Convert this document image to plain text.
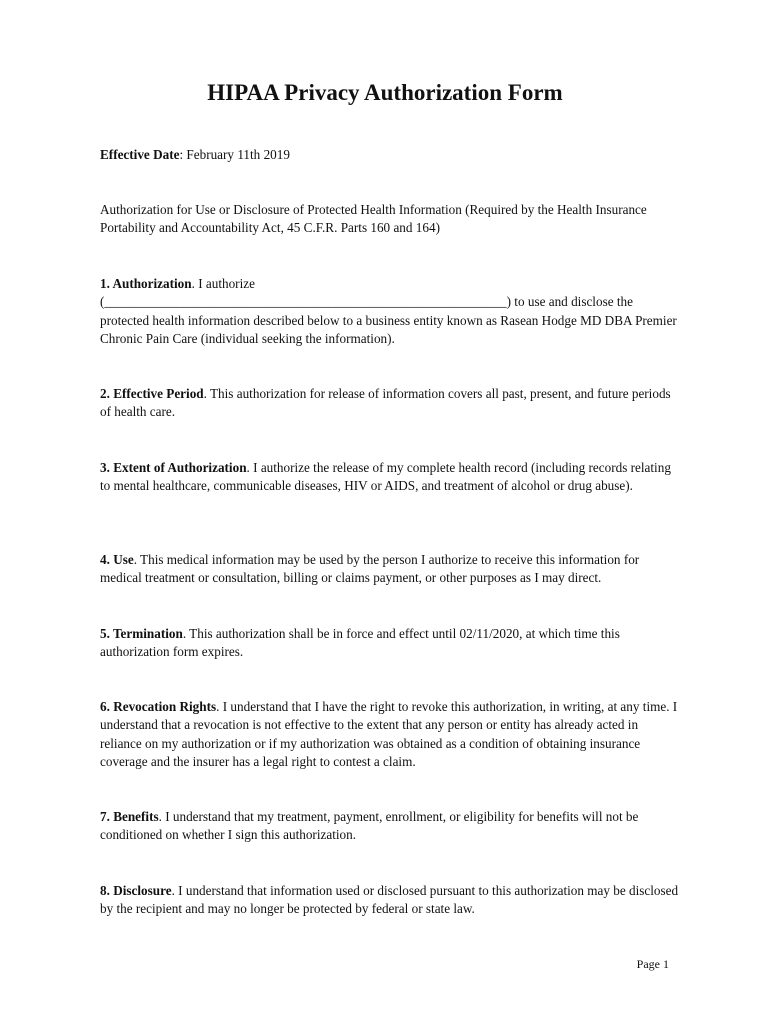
HIPAA Privacy Authorization Form
Effective Date: February 11th 2019
Authorization for Use or Disclosure of Protected Health Information (Required by the Health Insurance Portability and Accountability Act, 45 C.F.R. Parts 160 and 164)
1. Authorization. I authorize
(_____________________________________________________________) to use and disclose the protected health information described below to a business entity known as Rasean Hodge MD DBA Premier Chronic Pain Care (individual seeking the information).
2. Effective Period. This authorization for release of information covers all past, present, and future periods of health care.
3. Extent of Authorization. I authorize the release of my complete health record (including records relating to mental healthcare, communicable diseases, HIV or AIDS, and treatment of alcohol or drug abuse).
4. Use. This medical information may be used by the person I authorize to receive this information for medical treatment or consultation, billing or claims payment, or other purposes as I may direct.
5. Termination. This authorization shall be in force and effect until 02/11/2020, at which time this authorization form expires.
6. Revocation Rights. I understand that I have the right to revoke this authorization, in writing, at any time. I understand that a revocation is not effective to the extent that any person or entity has already acted in reliance on my authorization or if my authorization was obtained as a condition of obtaining insurance coverage and the insurer has a legal right to contest a claim.
7. Benefits. I understand that my treatment, payment, enrollment, or eligibility for benefits will not be conditioned on whether I sign this authorization.
8. Disclosure. I understand that information used or disclosed pursuant to this authorization may be disclosed by the recipient and may no longer be protected by federal or state law.
Page 1
